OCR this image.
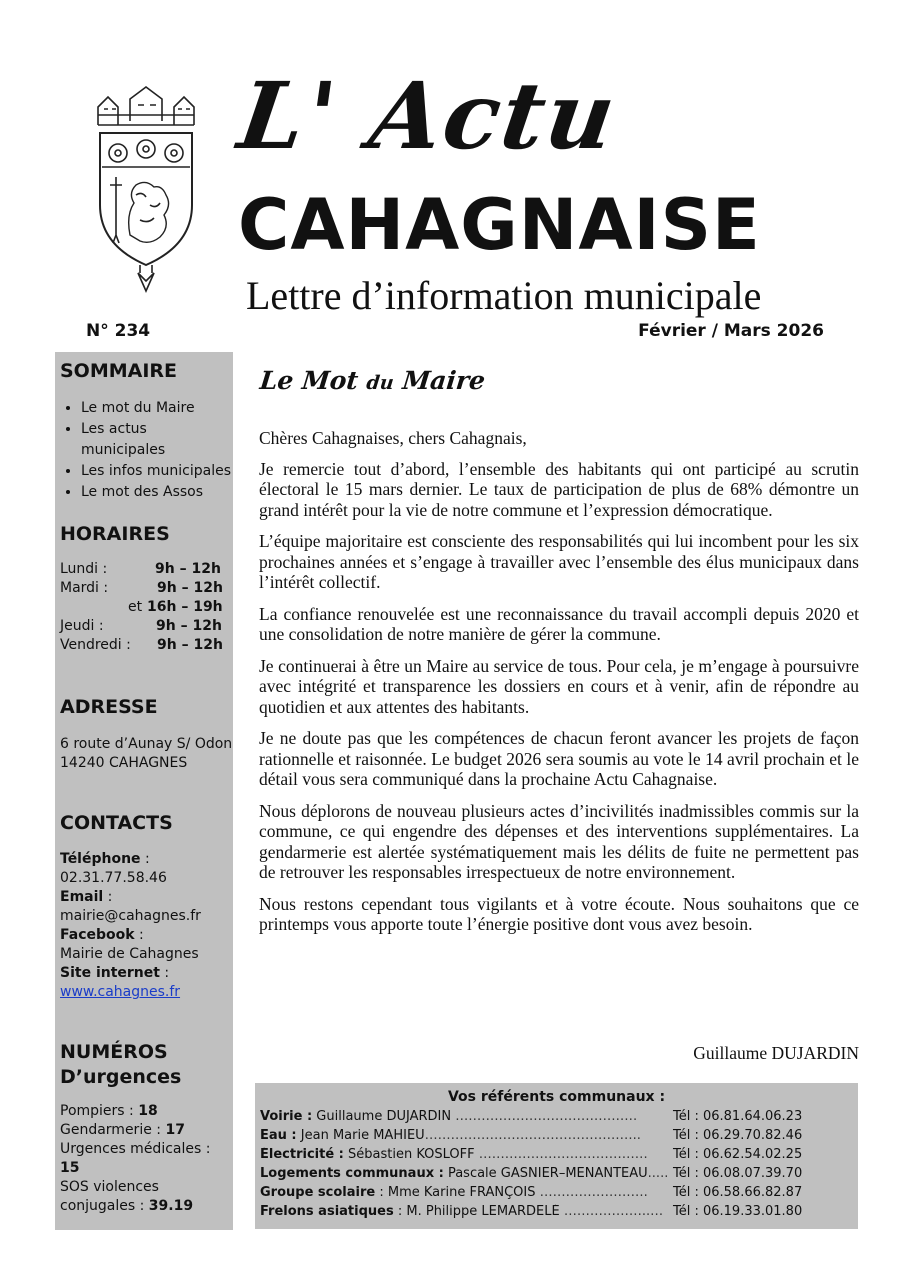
L' Actu
CAHAGNAISE
Lettre d’information municipale
N° 234	Février / Mars 2026
SOMMAIRE
• Le mot du Maire
• Les actus municipales
• Les infos municipales
• Le mot des Assos
HORAIRES
Lundi :	9h – 12h
Mardi :	9h – 12h
et 16h – 19h
Jeudi :	9h – 12h
Vendredi : 9h – 12h
ADRESSE
6 route d’Aunay S/ Odon
14240 CAHAGNES
CONTACTS
Téléphone :
02.31.77.58.46
Email :
mairie@cahagnes.fr
Facebook :
Mairie de Cahagnes
Site internet :
www.cahagnes.fr
NUMÉROS
D’urgences
Pompiers : 18
Gendarmerie : 17
Urgences médicales : 15
SOS violences
conjugales : 39.19
Le Mot du Maire

Chères Cahagnaises, chers Cahagnais,

Je remercie tout d’abord, l’ensemble des habitants qui ont participé au scrutin électoral le 15 mars dernier. Le taux de participation de plus de 68% démontre un grand intérêt pour la vie de notre commune et l’expression démocratique.

L’équipe majoritaire est consciente des responsabilités qui lui incombent pour les six prochaines années et s’engage à travailler avec l’ensemble des élus municipaux dans l’intérêt collectif.

La confiance renouvelée est une reconnaissance du travail accompli depuis 2020 et une consolidation de notre manière de gérer la commune.

Je continuerai à être un Maire au service de tous. Pour cela, je m’engage à poursuivre avec intégrité et transparence les dossiers en cours et à venir, afin de répondre au quotidien et aux attentes des habitants.

Je ne doute pas que les compétences de chacun feront avancer les projets de façon rationnelle et raisonnée. Le budget 2026 sera soumis au vote le 14 avril prochain et le détail vous sera communiqué dans la prochaine Actu Cahagnaise.

Nous déplorons de nouveau plusieurs actes d’incivilités inadmissibles commis sur la commune, ce qui engendre des dépenses et des interventions supplémentaires. La gendarmerie est alertée systématiquement mais les délits de fuite ne permettent pas de retrouver les responsables irrespectueux de notre environnement.

Nous restons cependant tous vigilants et à votre écoute. Nous souhaitons que ce printemps vous apporte toute l’énergie positive dont vous avez besoin.

Guillaume DUJARDIN
Vos référents communaux :
Voirie : Guillaume DUJARDIN ……………………………………	Tél : 06.81.64.06.23
Eau : Jean Marie MAHIEU………………………………………….. Tél : 06.29.70.82.46
Électricité : Sébastien KOSLOFF ………………………………… Tél : 06.62.54.02.25
Logements communaux : Pascale GASNIER–MENANTEAU..... Tél : 06.08.07.39.70
Groupe scolaire : Mme Karine FRANÇOIS ……………………. Tél : 06.58.66.82.87
Frelons asiatiques : M. Philippe LEMARDELÉ ………………..… Tél : 06.19.33.01.80
